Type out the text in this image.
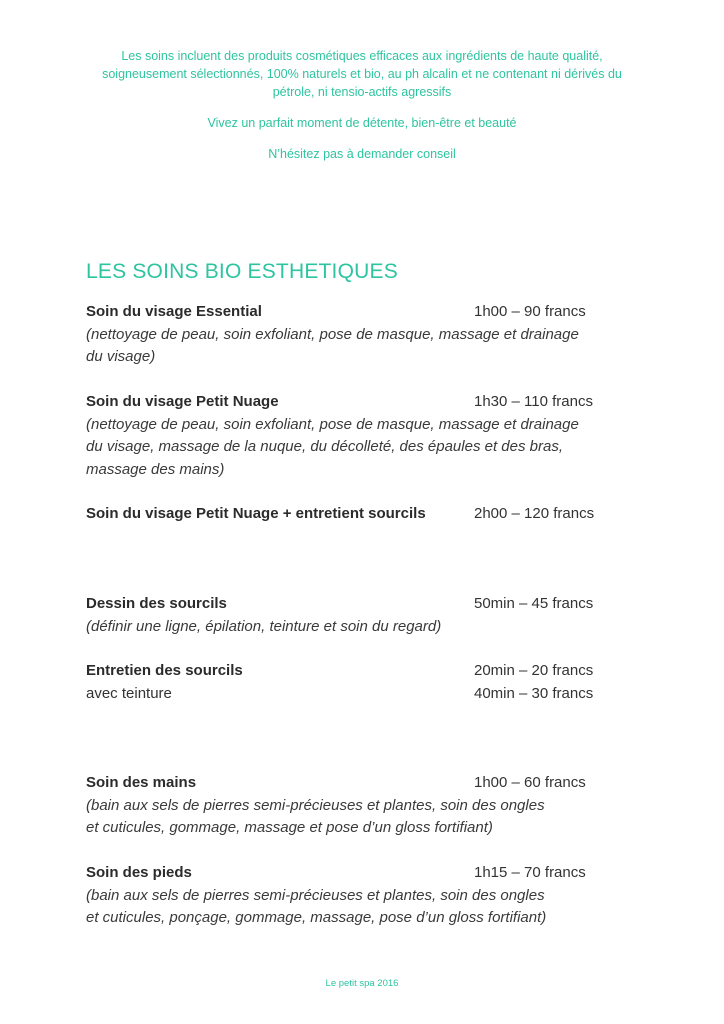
Les soins incluent des produits cosmétiques efficaces aux ingrédients de haute qualité, soigneusement sélectionnés, 100% naturels et bio, au ph alcalin et ne contenant ni dérivés du pétrole, ni tensio-actifs agressifs

Vivez un parfait moment de détente, bien-être et beauté

N’hésitez pas à demander conseil

LES SOINS BIO ESTHETIQUES
Soin du visage Essential	1h00 – 90 francs
(nettoyage de peau, soin exfoliant, pose de masque, massage et drainage
du visage)
Soin du visage Petit Nuage	1h30 – 110 francs
(nettoyage de peau, soin exfoliant, pose de masque, massage et drainage
du visage, massage de la nuque, du décolleté, des épaules et des bras,
massage des mains)
Soin du visage Petit Nuage + entretient sourcils	2h00 – 120 francs
Dessin des sourcils	50min – 45 francs
(définir une ligne, épilation, teinture et soin du regard)
Entretien des sourcils	20min – 20 francs
avec teinture	40min – 30 francs
Soin des mains	1h00 – 60 francs
(bain aux sels de pierres semi-précieuses et plantes, soin des ongles
et cuticules, gommage, massage et pose d’un gloss fortifiant)
Soin des pieds	1h15 – 70 francs
(bain aux sels de pierres semi-précieuses et plantes, soin des ongles
et cuticules, ponçage, gommage, massage, pose d’un gloss fortifiant)
Le petit spa 2016
